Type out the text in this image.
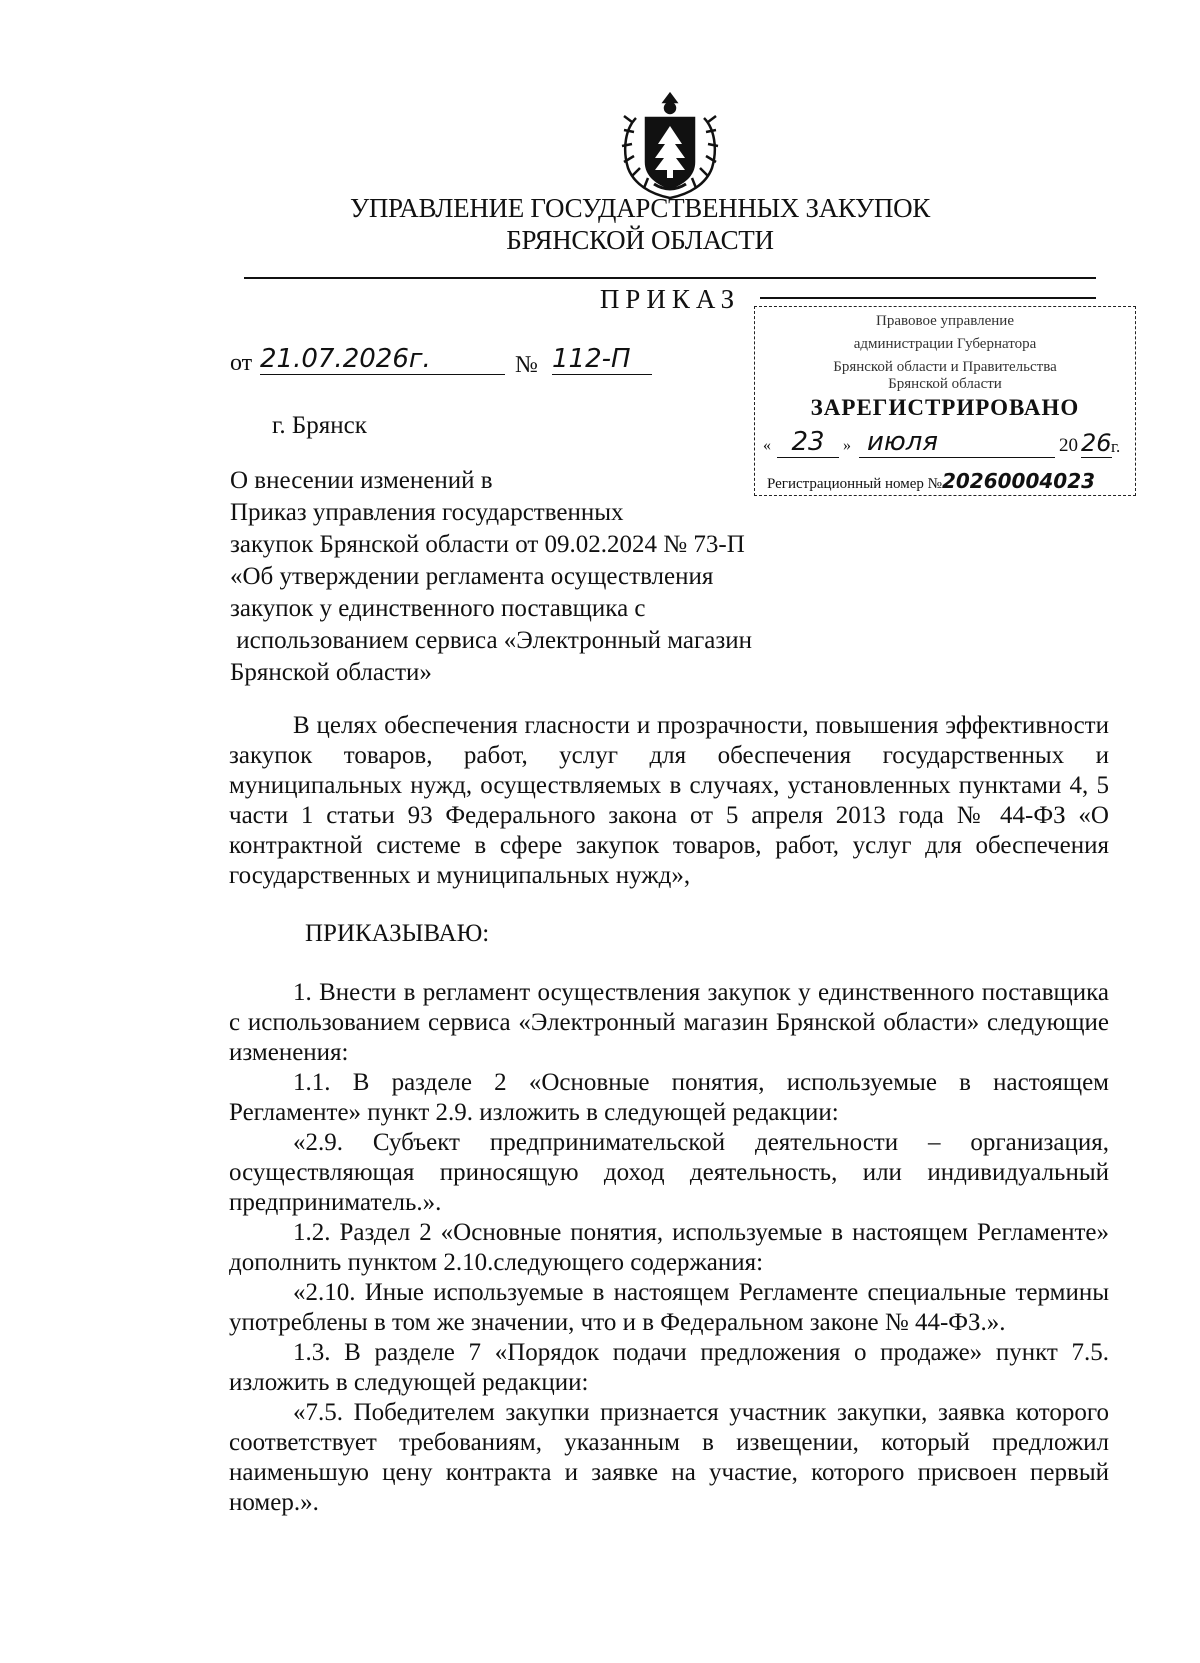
УПРАВЛЕНИЕ ГОСУДАРСТВЕННЫХ ЗАКУПОК
БРЯНСКОЙ ОБЛАСТИ
ПРИКАЗ
Правовое управление
администрации Губернатора
Брянской области и Правительства
Брянской области
ЗАРЕГИСТРИРОВАНО
« 23	» июля	20 26 г.
Регистрационный номер №20260004023
от 21.07.2026г.	№ 112-П
г. Брянск
О внесении изменений в
Приказ управления государственных
закупок Брянской области от 09.02.2024 № 73-П
«Об утверждении регламента осуществления
закупок у единственного поставщика с
использованием сервиса «Электронный магазин
Брянской области»

В целях обеспечения гласности и прозрачности, повышения эффективности закупок товаров, работ, услуг для обеспечения государственных и муниципальных нужд, осуществляемых в случаях, установленных пунктами 4, 5 части 1 статьи 93 Федерального закона от 5 апреля 2013 года № 44-ФЗ «О контрактной системе в сфере закупок товаров, работ, услуг для обеспечения государственных и муниципальных нужд»,

ПРИКАЗЫВАЮ:

1. Внести в регламент осуществления закупок у единственного поставщика с использованием сервиса «Электронный магазин Брянской области» следующие изменения:

1.1. В разделе 2 «Основные понятия, используемые в настоящем Регламенте» пункт 2.9. изложить в следующей редакции:

«2.9. Субъект предпринимательской деятельности – организация, осуществляющая приносящую доход деятельность, или индивидуальный предприниматель.».

1.2. Раздел 2 «Основные понятия, используемые в настоящем Регламенте» дополнить пунктом 2.10.следующего содержания:

«2.10. Иные используемые в настоящем Регламенте специальные термины употреблены в том же значении, что и в Федеральном законе № 44-ФЗ.».

1.3. В разделе 7 «Порядок подачи предложения о продаже» пункт 7.5. изложить в следующей редакции:

«7.5. Победителем закупки признается участник закупки, заявка которого соответствует требованиям, указанным в извещении, который предложил наименьшую цену контракта и заявке на участие, которого присвоен первый номер.».
